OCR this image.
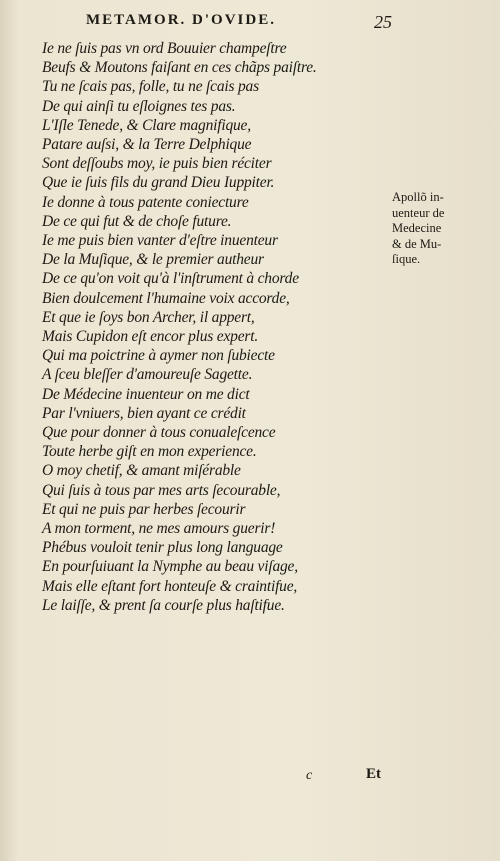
METAMOR. D'OVIDE.	25
Ie ne ſuis pas vn ord Bouuier champeſtre
Beufs & Moutons faiſant en ces chãps paiſtre.
Tu ne ſcais pas, folle, tu ne ſcais pas
De qui ainſi tu eſloignes tes pas.
L'Iſle Tenede, & Clare magnifique,
Patare auſsi, & la Terre Delphique
Sont deſſoubs moy, ie puis bien réciter
Que ie ſuis fils du grand Dieu Iuppiter.
Ie donne à tous patente coniecture
De ce qui fut & de choſe future.
Ie me puis bien vanter d'eſtre inuenteur
De la Muſique, & le premier autheur
De ce qu'on voit qu'à l'inſtrument à chorde
Bien doulcement l'humaine voix accorde,
Et que ie ſoys bon Archer, il appert,
Mais Cupidon eſt encor plus expert.
Qui ma poictrine à aymer non ſubiecte
A ſceu bleſſer d'amoureuſe Sagette.
De Médecine inuenteur on me dict
Par l'vniuers, bien ayant ce crédit
Que pour donner à tous conualeſcence
Toute herbe giſt en mon experience.
O moy chetif, & amant miſérable
Qui ſuis à tous par mes arts ſecourable,
Et qui ne puis par herbes ſecourir
A mon torment, ne mes amours guerir!
Phébus vouloit tenir plus long language
En pourſuiuant la Nymphe au beau viſage,
Mais elle eſtant fort honteuſe & craintifue,
Le laiſſe, & prent ſa courſe plus haſtifue.
Apollõ in-
uenteur de
Medecine
& de Mu-
ſique.
c	Et
